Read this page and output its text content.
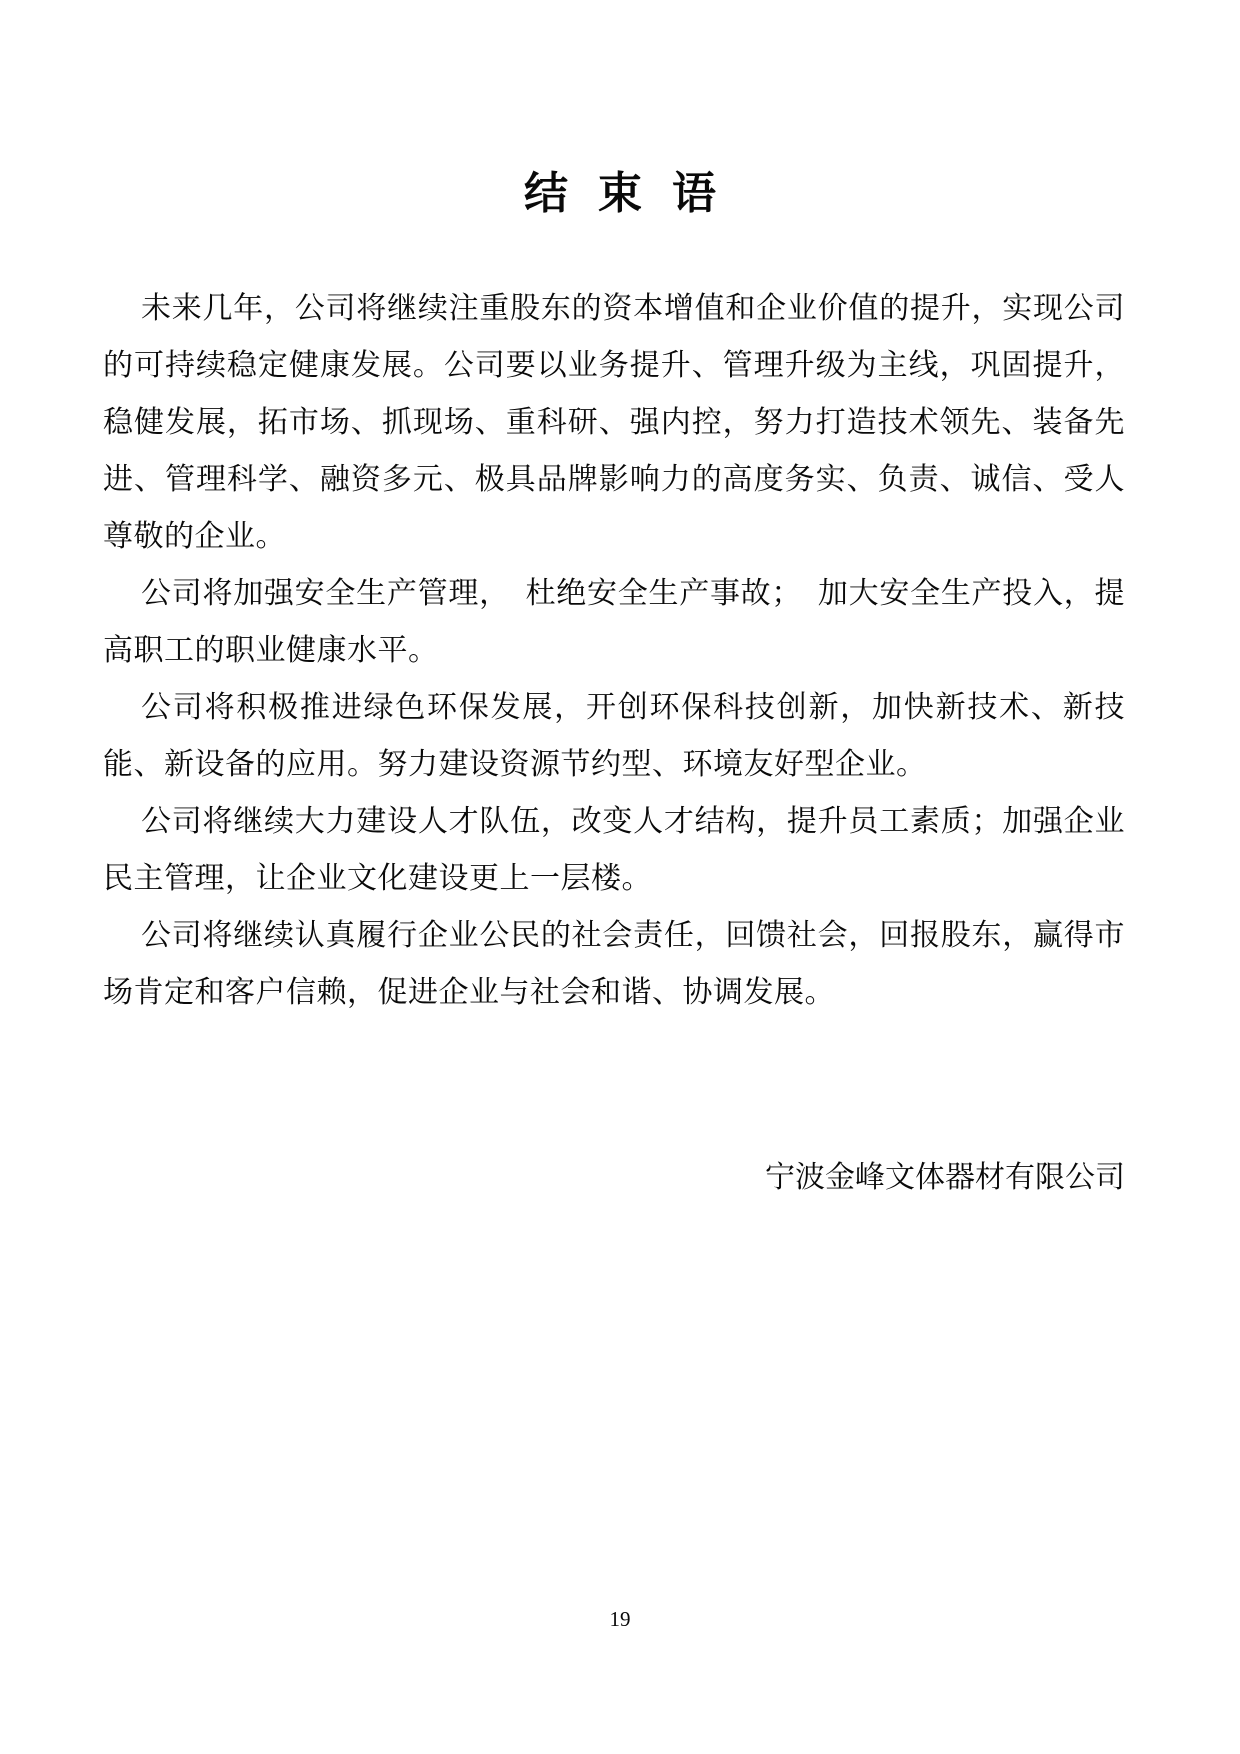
结束语

未来几年，公司将继续注重股东的资本增值和企业价值的提升，实现公司的可持续稳定健康发展。公司要以业务提升、管理升级为主线，巩固提升，稳健发展，拓市场、抓现场、重科研、强内控，努力打造技术领先、装备先进、管理科学、融资多元、极具品牌影响力的高度务实、负责、诚信、受人尊敬的企业。

公司将加强安全生产管理，　杜绝安全生产事故；　加大安全生产投入，提高职工的职业健康水平。

公司将积极推进绿色环保发展，开创环保科技创新，加快新技术、新技能、新设备的应用。努力建设资源节约型、环境友好型企业。

公司将继续大力建设人才队伍，改变人才结构，提升员工素质；加强企业民主管理，让企业文化建设更上一层楼。

公司将继续认真履行企业公民的社会责任，回馈社会，回报股东，赢得市场肯定和客户信赖，促进企业与社会和谐、协调发展。

宁波金峰文体器材有限公司
19
